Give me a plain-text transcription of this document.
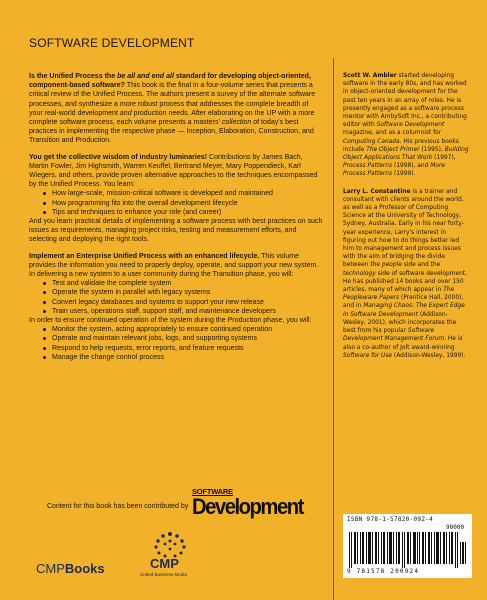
SOFTWARE DEVELOPMENT

Is the Unified Process the be all and end all standard for developing object-oriented, component-based software? This book is the final in a four-volume series that presents a critical review of the Unified Process. The authors present a survey of the alternate software processes, and synthesize a more robust process that addresses the complete breadth of your real-world development and production needs. After elaborating on the UP with a more complete software process, each volume presents a masters' collection of today's best practices in implementing the respective phase — Inception, Elaboration, Construction, and Transition and Production.

You get the collective wisdom of industry luminaries! Contributions by James Bach, Martin Fowler, Jim Highsmith, Warren Keuffel, Bertrand Meyer, Mary Poppendieck, Karl Wiegers, and others, provide proven alternative approaches to the techniques encompassed by the Unified Process. You learn:

How large-scale, mission-critical software is developed and maintained
How programming fits into the overall development lifecycle
Tips and techniques to enhance your role (and career)

And you learn practical details of implementing a software process with best practices on such issues as requirements, managing project risks, testing and measurement efforts, and selecting and deploying the right tools.

Implement an Enterprise Unified Process with an enhanced lifecycle. This volume provides the information you need to properly deploy, operate, and support your new system. In delivering a new system to a user community during the Transition phase, you will:

Test and validate the complete system
Operate the system in parallel with legacy systems
Convert legacy databases and systems to support your new release
Train users, operations staff, support staff, and maintenance developers

In order to ensure continued operation of the system during the Production phase, you will:

Monitor the system, acting appropriately to ensure continued operation
Operate and maintain relevant jobs, logs, and supporting systems
Respond to help requests, error reports, and feature requests
Manage the change control process

Scott W. Ambler started developing software in the early 80s, and has worked in object-oriented development for the past ten years in an array of roles. He is presently engaged as a software process mentor with AmbySoft Inc., a contributing editor with Software Development magazine, and as a columnist for Computing Canada. His previous books include The Object Primer (1995), Building Object Applications That Work (1997), Process Patterns (1998), and More Process Patterns (1999).

Larry L. Constantine is a trainer and consultant with clients around the world, as well as a Professor of Computing Science at the University of Technology, Sydney, Australia. Early in his near forty-year experience, Larry's interest in figuring out how to do things better led him to management and process issues with the aim of bridging the divide between the people side and the technology side of software development. He has published 14 books and over 150 articles, many of which appear in The Peopleware Papers (Prentice Hall, 2000), and in Managing Chaos: The Expert Edge in Software Development (Addison-Wesley, 2001), which incorporates the best from his popular Software Development Management Forum. He is also a co-author of Jolt award-winning Software for Use (Addison-Wesley, 1999).

Content for this book has been contributed by
SOFTWARE
Development
CMPBooks	CMP
United Business Media
ISBN 978-1-57820-092-4
90000
9 781578 200924
